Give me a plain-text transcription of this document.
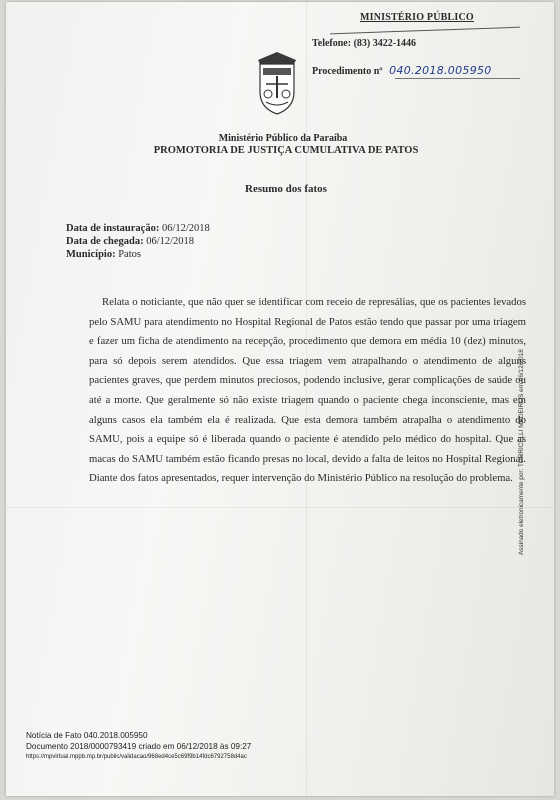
MINISTÉRIO PÚBLICO
Telefone: (83) 3422-1446
Procedimento nº 040.2018.005950
Ministério Público da Paraíba
PROMOTORIA DE JUSTIÇA CUMULATIVA DE PATOS
Resumo dos fatos
Data de instauração: 06/12/2018
Data de chegada: 06/12/2018
Município: Patos

Relata o noticiante, que não quer se identificar com receio de represálias, que os pacientes levados pelo SAMU para atendimento no Hospital Regional de Patos estão tendo que passar por uma triagem e fazer um ficha de atendimento na recepção, procedimento que demora em média 10 (dez) minutos, para só depois serem atendidos. Que essa triagem vem atrapalhando o atendimento de alguns pacientes graves, que perdem minutos preciosos, podendo inclusive, gerar complicações de saúde ou até a morte. Que geralmente só não existe triagem quando o paciente chega inconsciente, mas em alguns casos ela também ela é realizada. Que esta demora também atrapalha o atendimento do SAMU, pois a equipe só é liberada quando o paciente é atendido pelo médico do hospital. Que as macas do SAMU também estão ficando presas no local, devido a falta de leitos no Hospital Regional. Diante dos fatos apresentados, requer intervenção do Ministério Público na resolução do problema. Assinado eletronicamente por: TORRICELLI MEDEIROS em 06/12/2018
Notícia de Fato 040.2018.005950
Documento 2018/0000793419 criado em 06/12/2018 às 09:27
https://mpvirtual.mppb.mp.br/public/validacao/968ed4ce5c69f9b14fdc6792758d4ac
